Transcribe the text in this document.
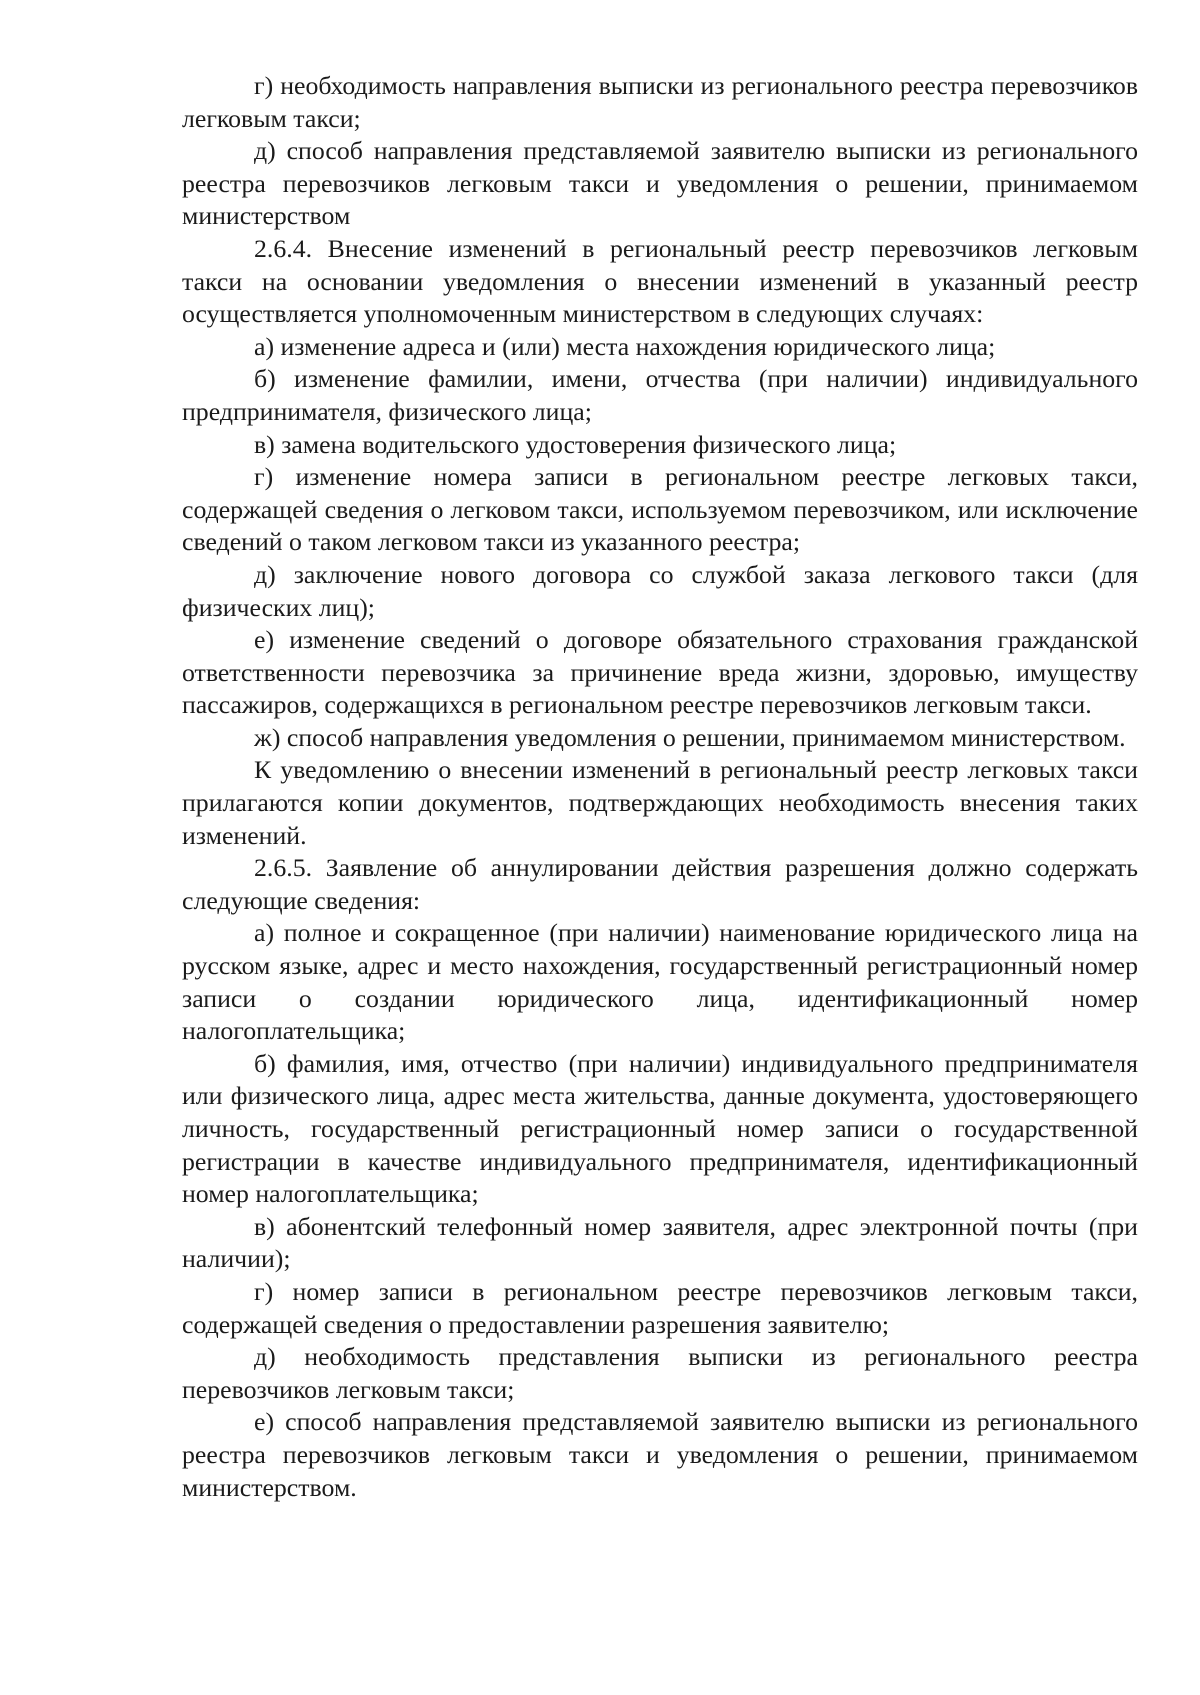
г) необходимость направления выписки из регионального реестра перевозчиков легковым такси;

д) способ направления представляемой заявителю выписки из регионального реестра перевозчиков легковым такси и уведомления о решении, принимаемом министерством

2.6.4. Внесение изменений в региональный реестр перевозчиков легковым такси на основании уведомления о внесении изменений в указанный реестр осуществляется уполномоченным министерством в следующих случаях:

а) изменение адреса и (или) места нахождения юридического лица;

б) изменение фамилии, имени, отчества (при наличии) индивидуального предпринимателя, физического лица;

в) замена водительского удостоверения физического лица;

г) изменение номера записи в региональном реестре легковых такси, содержащей сведения о легковом такси, используемом перевозчиком, или исключение сведений о таком легковом такси из указанного реестра;

д) заключение нового договора со службой заказа легкового такси (для физических лиц);

е) изменение сведений о договоре обязательного страхования гражданской ответственности перевозчика за причинение вреда жизни, здоровью, имуществу пассажиров, содержащихся в региональном реестре перевозчиков легковым такси.

ж) способ направления уведомления о решении, принимаемом министерством.

К уведомлению о внесении изменений в региональный реестр легковых такси прилагаются копии документов, подтверждающих необходимость внесения таких изменений.

2.6.5. Заявление об аннулировании действия разрешения должно содержать следующие сведения:

а) полное и сокращенное (при наличии) наименование юридического лица на русском языке, адрес и место нахождения, государственный регистрационный номер записи о создании юридического лица, идентификационный номер налогоплательщика;

б) фамилия, имя, отчество (при наличии) индивидуального предпринимателя или физического лица, адрес места жительства, данные документа, удостоверяющего личность, государственный регистрационный номер записи о государственной регистрации в качестве индивидуального предпринимателя, идентификационный номер налогоплательщика;

в) абонентский телефонный номер заявителя, адрес электронной почты (при наличии);

г) номер записи в региональном реестре перевозчиков легковым такси, содержащей сведения о предоставлении разрешения заявителю;

д) необходимость представления выписки из регионального реестра перевозчиков легковым такси;

е) способ направления представляемой заявителю выписки из регионального реестра перевозчиков легковым такси и уведомления о решении, принимаемом министерством.
